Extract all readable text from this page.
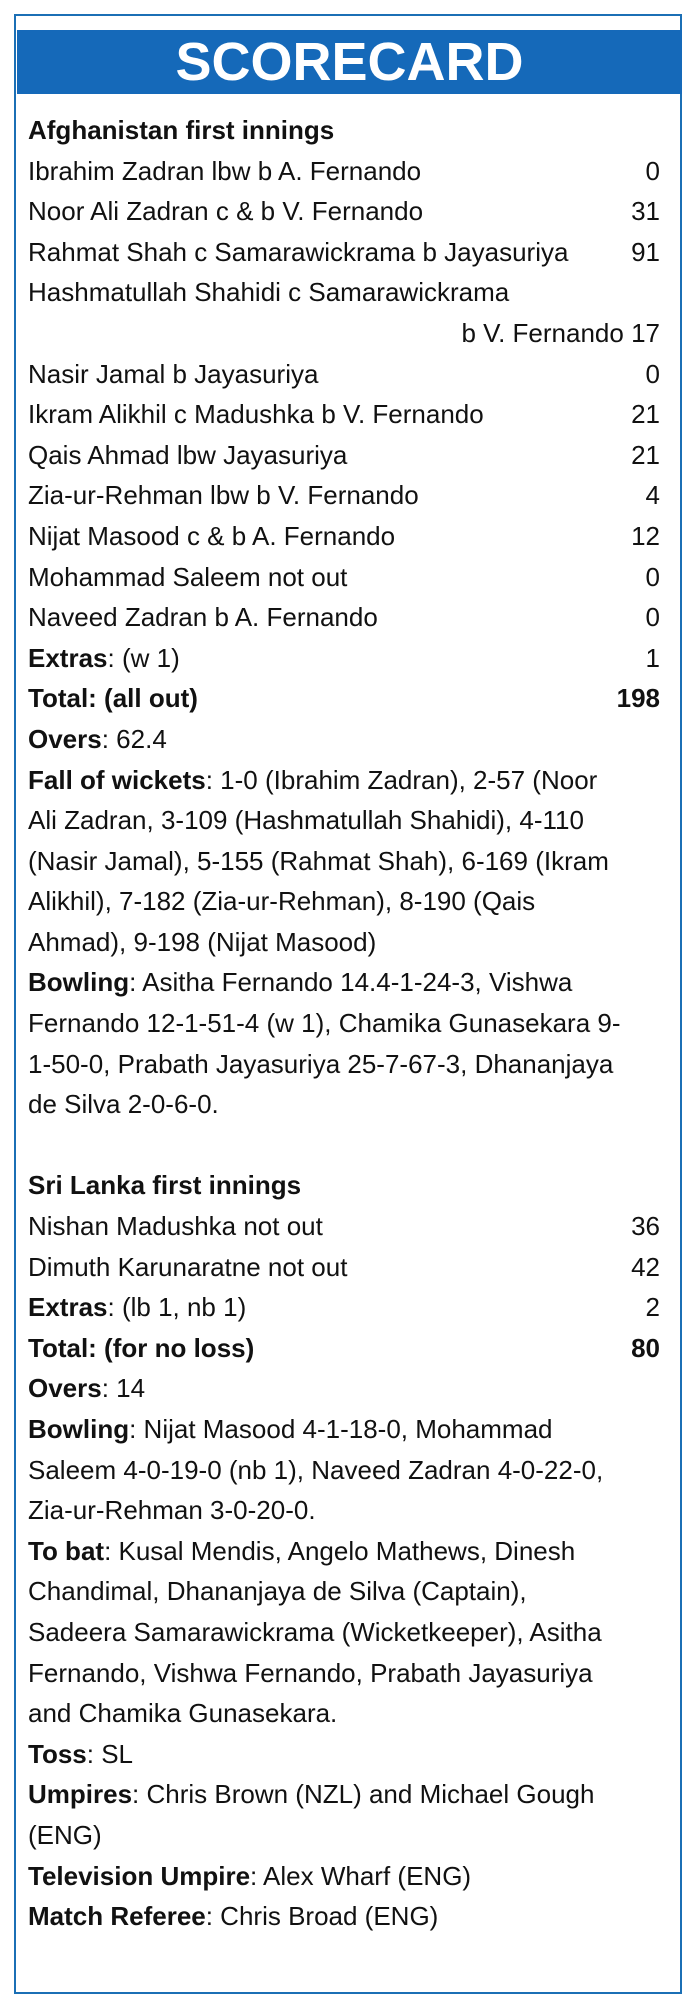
SCORECARD
Afghanistan first innings
Ibrahim Zadran lbw b A. Fernando	0
Noor Ali Zadran c & b V. Fernando	31
Rahmat Shah c Samarawickrama b Jayasuriya	91
Hashmatullah Shahidi c Samarawickrama
b V. Fernando 17
Nasir Jamal b Jayasuriya	0
Ikram Alikhil c Madushka b V. Fernando	21
Qais Ahmad lbw Jayasuriya	21
Zia-ur-Rehman lbw b V. Fernando	4
Nijat Masood c & b A. Fernando	12
Mohammad Saleem not out	0
Naveed Zadran b A. Fernando	0
Extras: (w 1)	1
Total: (all out)	198
Overs: 62.4
Fall of wickets: 1-0 (Ibrahim Zadran), 2-57 (Noor
Ali Zadran, 3-109 (Hashmatullah Shahidi), 4-110
(Nasir Jamal), 5-155 (Rahmat Shah), 6-169 (Ikram
Alikhil), 7-182 (Zia-ur-Rehman), 8-190 (Qais
Ahmad), 9-198 (Nijat Masood)
Bowling: Asitha Fernando 14.4-1-24-3, Vishwa
Fernando 12-1-51-4 (w 1), Chamika Gunasekara 9-
1-50-0, Prabath Jayasuriya 25-7-67-3, Dhananjaya
de Silva 2-0-6-0.
Sri Lanka first innings
Nishan Madushka not out	36
Dimuth Karunaratne not out	42
Extras: (lb 1, nb 1)	2
Total: (for no loss)	80
Overs: 14
Bowling: Nijat Masood 4-1-18-0, Mohammad
Saleem 4-0-19-0 (nb 1), Naveed Zadran 4-0-22-0,
Zia-ur-Rehman 3-0-20-0.
To bat: Kusal Mendis, Angelo Mathews, Dinesh
Chandimal, Dhananjaya de Silva (Captain),
Sadeera Samarawickrama (Wicketkeeper), Asitha
Fernando, Vishwa Fernando, Prabath Jayasuriya
and Chamika Gunasekara.
Toss: SL
Umpires: Chris Brown (NZL) and Michael Gough
(ENG)
Television Umpire: Alex Wharf (ENG)
Match Referee: Chris Broad (ENG)
